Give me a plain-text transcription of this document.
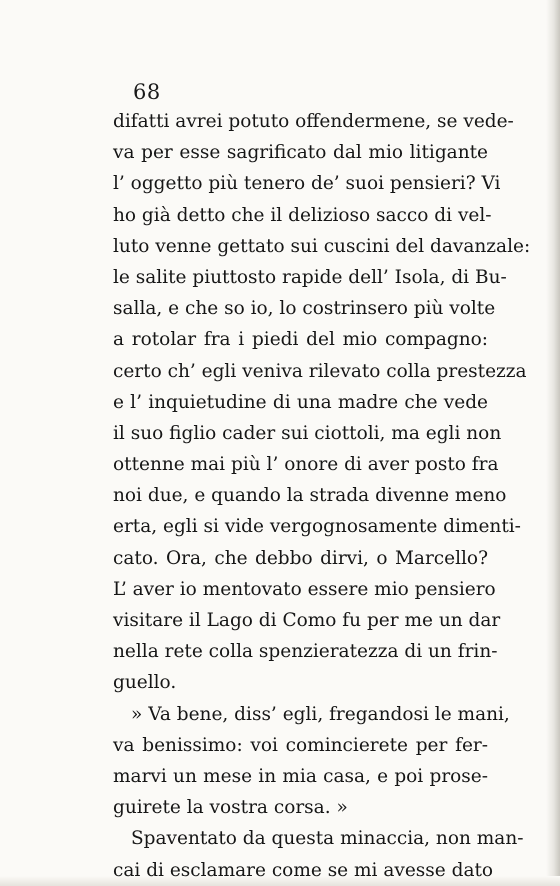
68

difatti avrei potuto offendermene, se vede-
va per esse sagrificato dal mio litigante
l’ oggetto più tenero de’ suoi pensieri? Vi
ho già detto che il delizioso sacco di vel-
luto venne gettato sui cuscini del davanzale:
le salite piuttosto rapide dell’ Isola, di Bu-
salla, e che so io, lo costrinsero più volte
a rotolar fra i piedi del mio compagno:
certo ch’ egli veniva rilevato colla prestezza
e l’ inquietudine di una madre che vede
il suo figlio cader sui ciottoli, ma egli non
ottenne mai più l’ onore di aver posto fra
noi due, e quando la strada divenne meno
erta, egli si vide vergognosamente dimenti-
cato. Ora, che debbo dirvi, o Marcello?
L’ aver io mentovato essere mio pensiero
visitare il Lago di Como fu per me un dar
nella rete colla spenzieratezza di un frin-
guello.
» Va bene, diss’ egli, fregandosi le mani,
va benissimo: voi comincierete per fer-
marvi un mese in mia casa, e poi prose-
guirete la vostra corsa. »
Spaventato da questa minaccia, non man-
cai di esclamare come se mi avesse dato
